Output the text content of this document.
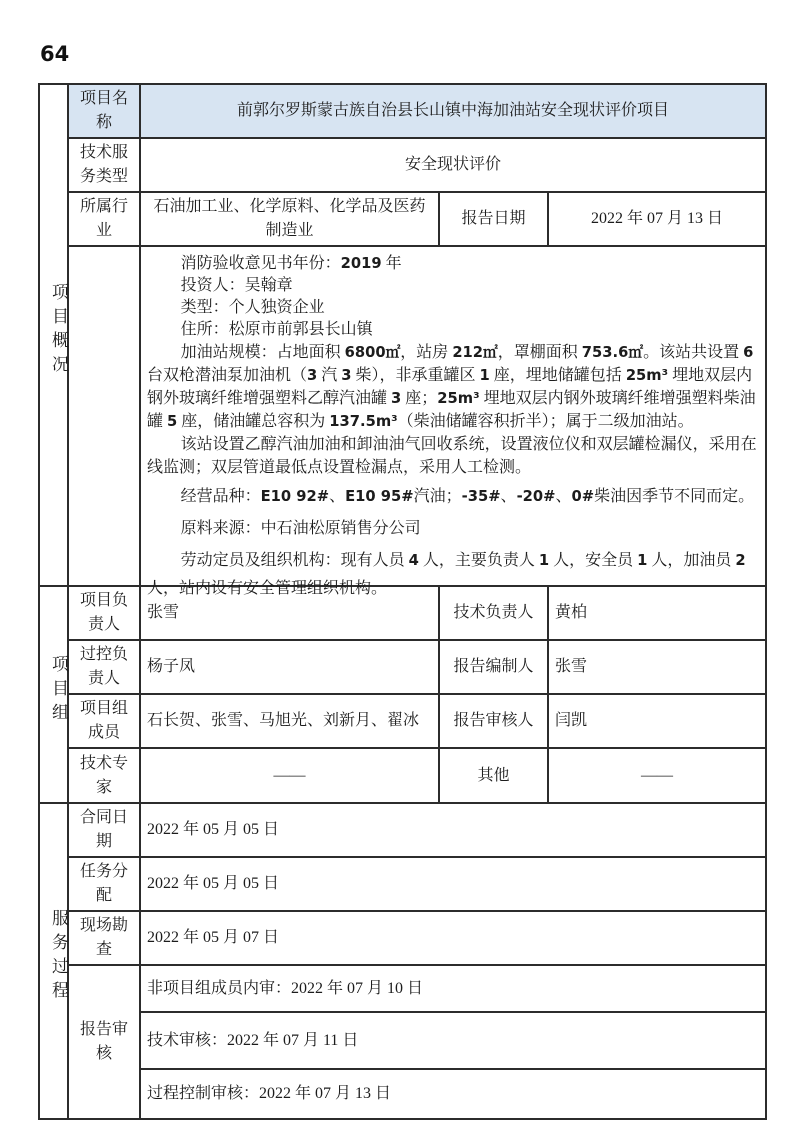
64
项目概况	项目名称	前郭尔罗斯蒙古族自治县长山镇中海加油站安全现状评价项目		
	技术服务类型	安全现状评价		
	所属行业	石油加工业、化学原料、化学品及医药制造业	报告日期	2022 年 07 月 13 日

消防验收意见书年份：2019 年
投资人：吴翰章
类型：个人独资企业
住所：松原市前郭县长山镇

加油站规模：占地面积 6800㎡，站房 212㎡，罩棚面积 753.6㎡。该站共设置 6 台双枪潜油泵加油机（3 汽 3 柴），非承重罐区 1 座，埋地储罐包括 25m³ 埋地双层内钢外玻璃纤维增强塑料乙醇汽油罐 3 座；25m³ 埋地双层内钢外玻璃纤维增强塑料柴油罐 5 座，储油罐总容积为 137.5m³（柴油储罐容积折半）；属于二级加油站。

该站设置乙醇汽油加油和卸油油气回收系统，设置液位仪和双层罐检漏仪，采用在线监测；双层管道最低点设置检漏点，采用人工检测。

经营品种：E10 92#、E10 95#汽油；-35#、-20#、0#柴油因季节不同而定。

原料来源：中石油松原销售分公司

劳动定员及组织机构：现有人员 4 人，主要负责人 1 人，安全员 1 人，加油员 2 人，站内设有安全管理组织机构。

项目组	项目负责人	张雪	技术负责人	黄柏
	过控负责人	杨子凤	报告编制人	张雪
	项目组成员	石长贺、张雪、马旭光、刘新月、翟冰	报告审核人	闫凯
	技术专家	——	其他	——
服务过程	合同日期	2022 年 05 月 05 日		
	任务分配	2022 年 05 月 05 日		
	现场勘查	2022 年 05 月 07 日		
	报告审核	非项目组成员内审：2022 年 07 月 10 日		
		技术审核：2022 年 07 月 11 日		
		过程控制审核：2022 年 07 月 13 日		
